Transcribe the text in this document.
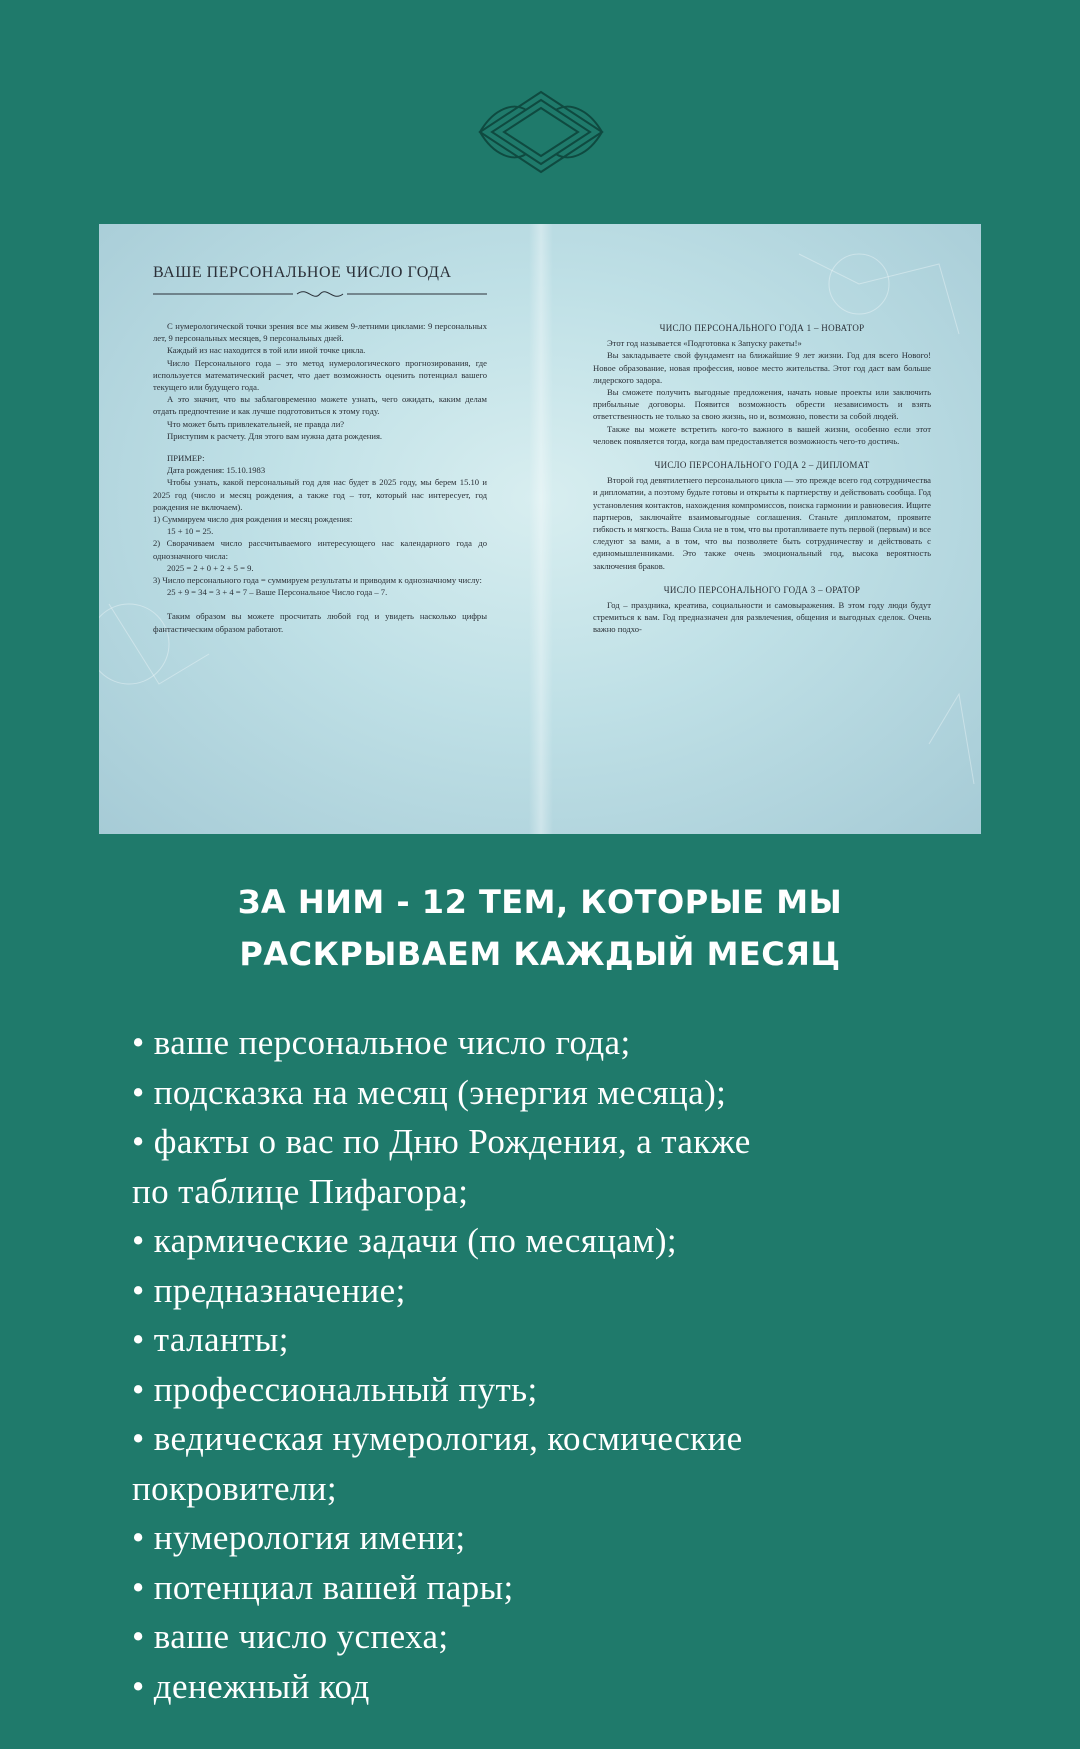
ВАШЕ ПЕРСОНАЛЬНОЕ ЧИСЛО ГОДА

С нумерологической точки зрения все мы живем 9-летними циклами: 9 персональных лет, 9 персональных месяцев, 9 персональных дней.

Каждый из нас находится в той или иной точке цикла.

Число Персонального года – это метод нумерологического прогнозирования, где используется математический расчет, что дает возможность оценить потенциал вашего текущего или будущего года.

А это значит, что вы заблаговременно можете узнать, чего ожидать, каким делам отдать предпочтение и как лучше подготовиться к этому году.

Что может быть привлекательней, не правда ли?

Приступим к расчету. Для этого вам нужна дата рождения.

ПРИМЕР:

Дата рождения: 15.10.1983

Чтобы узнать, какой персональный год для нас будет в 2025 году, мы берем 15.10 и 2025 год (число и месяц рождения, а также год – тот, который нас интересует, год рождения не включаем).

1) Суммируем число дня рождения и месяц рождения:

15 + 10 = 25.

2) Сворачиваем число рассчитываемого интересующего нас календарного года до однозначного числа:

2025 = 2 + 0 + 2 + 5 = 9.

3) Число персонального года = суммируем результаты и приводим к однозначному числу:

25 + 9 = 34 = 3 + 4 = 7 – Ваше Персональное Число года – 7.

Таким образом вы можете просчитать любой год и увидеть насколько цифры фантастическим образом работают.

ЧИСЛО ПЕРСОНАЛЬНОГО ГОДА 1 – НОВАТОР

Этот год называется «Подготовка к Запуску ракеты!»

Вы закладываете свой фундамент на ближайшие 9 лет жизни. Год для всего Нового! Новое образование, новая профессия, новое место жительства. Этот год даст вам больше лидерского задора.

Вы сможете получить выгодные предложения, начать новые проекты или заключить прибыльные договоры. Появится возможность обрести независимость и взять ответственность не только за свою жизнь, но и, возможно, повести за собой людей.

Также вы можете встретить кого-то важного в вашей жизни, особенно если этот человек появляется тогда, когда вам предоставляется возможность чего-то достичь.

ЧИСЛО ПЕРСОНАЛЬНОГО ГОДА 2 – ДИПЛОМАТ

Второй год девятилетнего персонального цикла — это прежде всего год сотрудничества и дипломатии, а поэтому будьте готовы и открыты к партнерству и действовать сообща. Год установления контактов, нахождения компромиссов, поиска гармонии и равновесия. Ищите партнеров, заключайте взаимовыгодные соглашения. Станьте дипломатом, проявите гибкость и мягкость. Ваша Сила не в том, что вы протапливаете путь первой (первым) и все следуют за вами, а в том, что вы позволяете быть сотрудничеству и действовать с единомышленниками. Это также очень эмоциональный год, высока вероятность заключения браков.

ЧИСЛО ПЕРСОНАЛЬНОГО ГОДА 3 – ОРАТОР

Год – праздника, креатива, социальности и самовыражения. В этом году люди будут стремиться к вам. Год предназначен для развлечения, общения и выгодных сделок. Очень важно подхо-

ЗА НИМ - 12 ТЕМ, КОТОРЫЕ МЫ
РАСКРЫВАЕМ КАЖДЫЙ МЕСЯЦ
• ваше персональное число года;
• подсказка на месяц (энергия месяца);
• факты о вас по Дню Рождения, а также
по таблице Пифагора;
• кармические задачи (по месяцам);
• предназначение;
• таланты;
• профессиональный путь;
• ведическая нумерология, космические
покровители;
• нумерология имени;
• потенциал вашей пары;
• ваше число успеха;
• денежный код
